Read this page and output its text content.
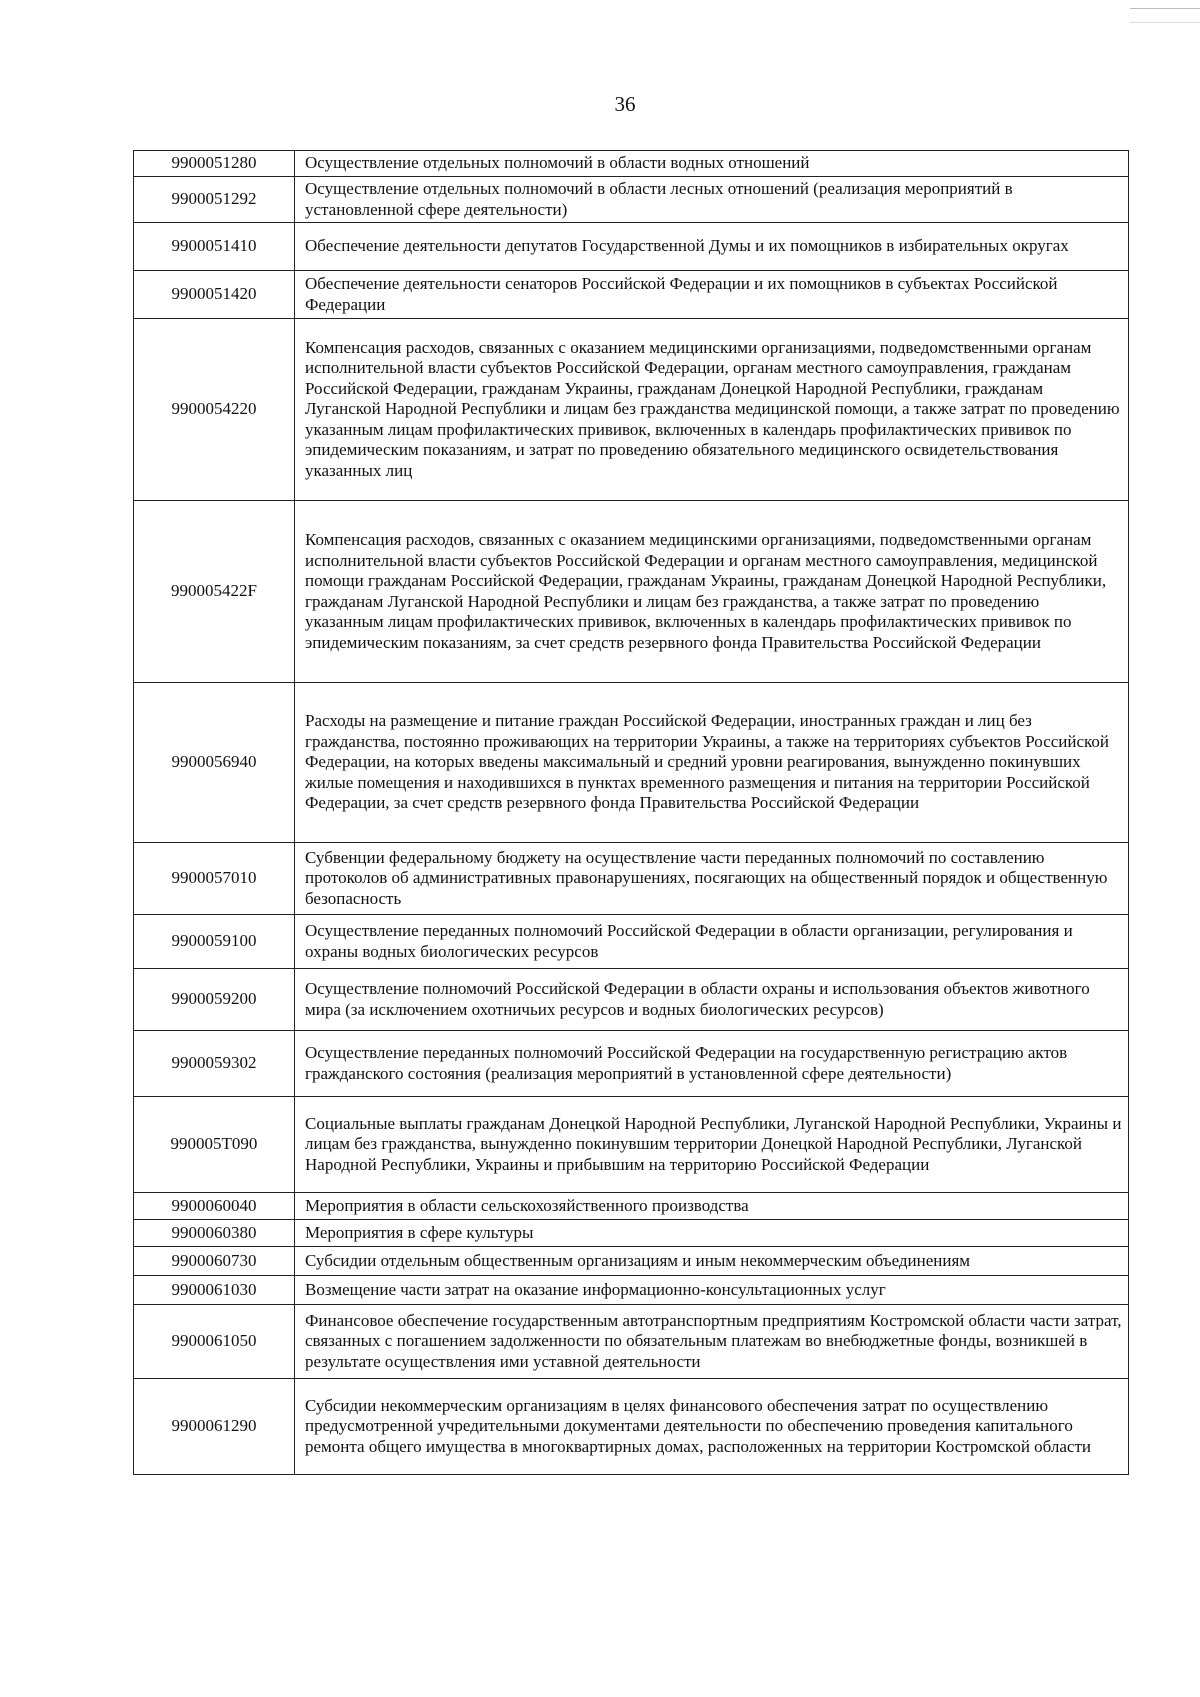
36
9900051280	Осуществление отдельных полномочий в области водных отношений
9900051292	Осуществление отдельных полномочий в области лесных отношений (реализация мероприятий в установленной сфере деятельности)
9900051410	Обеспечение деятельности депутатов Государственной Думы и их помощников в избирательных округах
9900051420	Обеспечение деятельности сенаторов Российской Федерации и их помощников в субъектах Российской Федерации
9900054220	Компенсация расходов, связанных с оказанием медицинскими организациями, подведомственными органам исполнительной власти субъектов Российской Федерации, органам местного самоуправления, гражданам Российской Федерации, гражданам Украины, гражданам Донецкой Народной Республики, гражданам Луганской Народной Республики и лицам без гражданства медицинской помощи, а также затрат по проведению указанным лицам профилактических прививок, включенных в календарь профилактических прививок по эпидемическим показаниям, и затрат по проведению обязательного медицинского освидетельствования указанных лиц
990005422F	Компенсация расходов, связанных с оказанием медицинскими организациями, подведомственными органам исполнительной власти субъектов Российской Федерации и органам местного самоуправления, медицинской помощи гражданам Российской Федерации, гражданам Украины, гражданам Донецкой Народной Республики, гражданам Луганской Народной Республики и лицам без гражданства, а также затрат по проведению указанным лицам профилактических прививок, включенных в календарь профилактических прививок по эпидемическим показаниям, за счет средств резервного фонда Правительства Российской Федерации
9900056940	Расходы на размещение и питание граждан Российской Федерации, иностранных граждан и лиц без гражданства, постоянно проживающих на территории Украины, а также на территориях субъектов Российской Федерации, на которых введены максимальный и средний уровни реагирования, вынужденно покинувших жилые помещения и находившихся в пунктах временного размещения и питания на территории Российской Федерации, за счет средств резервного фонда Правительства Российской Федерации
9900057010	Субвенции федеральному бюджету на осуществление части переданных полномочий по составлению протоколов об административных правонарушениях, посягающих на общественный порядок и общественную безопасность
9900059100	Осуществление переданных полномочий Российской Федерации в области организации, регулирования и охраны водных биологических ресурсов
9900059200	Осуществление полномочий Российской Федерации в области охраны и использования объектов животного мира (за исключением охотничьих ресурсов и водных биологических ресурсов)
9900059302	Осуществление переданных полномочий Российской Федерации на государственную регистрацию актов гражданского состояния (реализация мероприятий в установленной сфере деятельности)
990005T090	Социальные выплаты гражданам Донецкой Народной Республики, Луганской Народной Республики, Украины и лицам без гражданства, вынужденно покинувшим территории Донецкой Народной Республики, Луганской Народной Республики, Украины и прибывшим на территорию Российской Федерации
9900060040	Мероприятия в области сельскохозяйственного производства
9900060380	Мероприятия в сфере культуры
9900060730	Субсидии отдельным общественным организациям и иным некоммерческим объединениям
9900061030	Возмещение части затрат на оказание информационно-консультационных услуг
9900061050	Финансовое обеспечение государственным автотранспортным предприятиям Костромской области части затрат, связанных с погашением задолженности по обязательным платежам во внебюджетные фонды, возникшей в результате осуществления ими уставной деятельности
9900061290	Субсидии некоммерческим организациям в целях финансового обеспечения затрат по осуществлению предусмотренной учредительными документами деятельности по обеспечению проведения капитального ремонта общего имущества в многоквартирных домах, расположенных на территории Костромской области
